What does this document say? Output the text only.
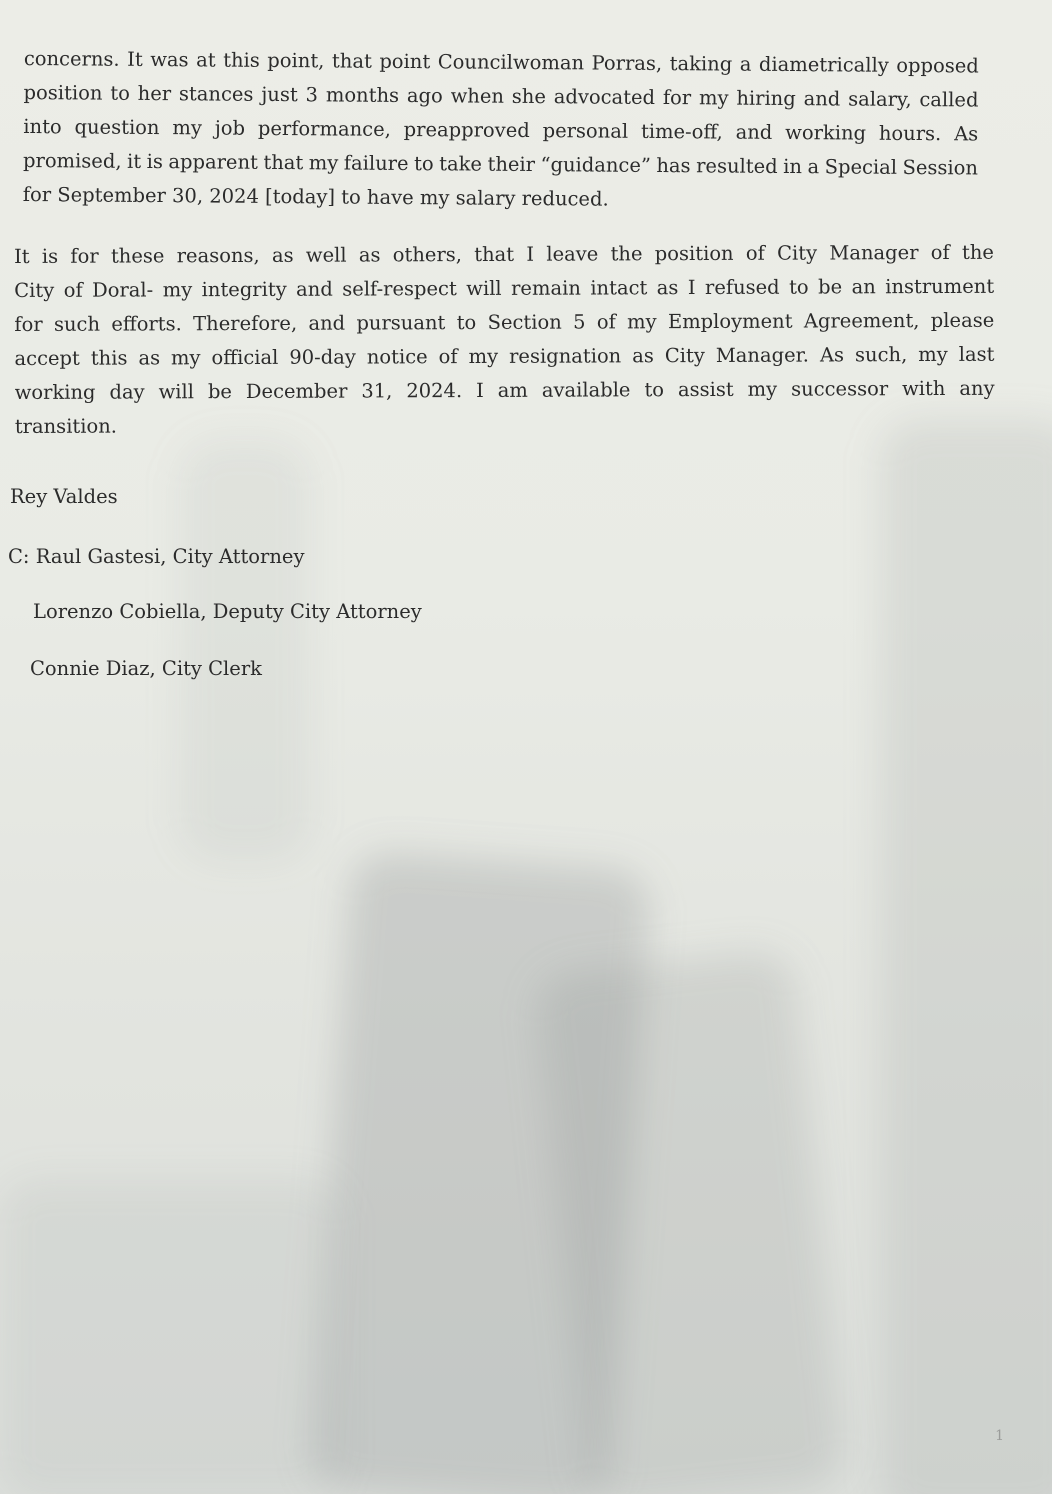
concerns. It was at this point, that point Councilwoman Porras, taking a diametrically opposed

position to her stances just 3 months ago when she advocated for my hiring and salary, called

into question my job performance, preapproved personal time-off, and working hours. As

promised, it is apparent that my failure to take their “guidance” has resulted in a Special Session

for September 30, 2024 [today] to have my salary reduced.

It is for these reasons, as well as others, that I leave the position of City Manager of the

City of Doral- my integrity and self-respect will remain intact as I refused to be an instrument

for such efforts. Therefore, and pursuant to Section 5 of my Employment Agreement, please

accept this as my official 90-day notice of my resignation as City Manager. As such, my last

working day will be December 31, 2024. I am available to assist my successor with any

transition.

Rey Valdes
C: Raul Gastesi, City Attorney
Lorenzo Cobiella, Deputy City Attorney
Connie Diaz, City Clerk
1
